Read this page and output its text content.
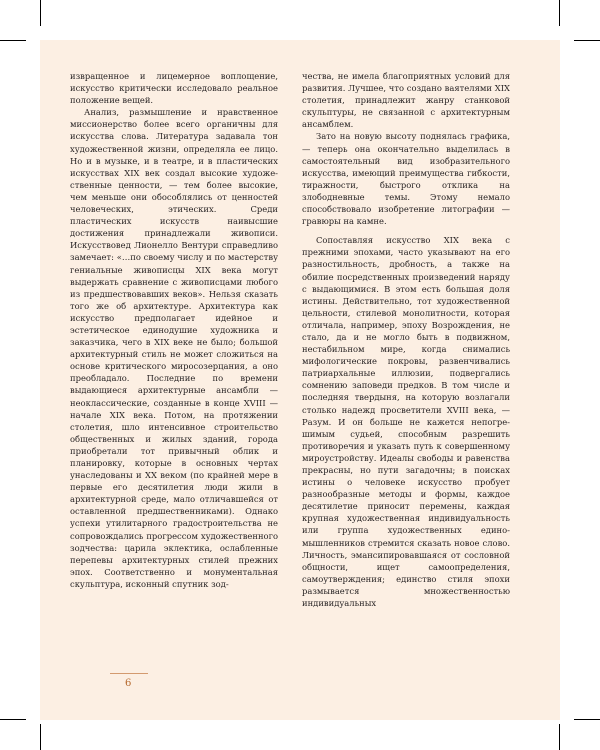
извращенное и лицемерное воплощение, искусство критически исследовало реальное положение вещей.

Анализ, размышление и нравственное миссионерство более всего органичны для искусства слова. Литература задавала тон художественной жизни, определяла ее лицо. Но и в музыке, и в театре, и в пластических искусствах XIX век создал высокие художественные ценности, — тем более высокие, чем меньше они обособлялись от ценностей человеческих, этических. Среди пластических искусств наивысшие достижения принадлежали живописи. Искусствовед Лионелло Вентури справедливо замечает: «…по своему числу и по мастерству гениальные живописцы XIX века могут выдержать сравнение с живописцами любого из предшествовавших веков». Нельзя сказать того же об архитектуре. Архитектура как искусство предполагает идейное и эстетическое единодушие художника и заказчика, чего в XIX веке не было; большой архитектурный стиль не может сложиться на основе критического миросозерцания, а оно преобладало. Последние по времени выдающиеся архитектурные ансамбли — неоклассические, созданные в конце XVIII — начале XIX века. Потом, на протяжении столетия, шло интенсивное строительство общественных и жилых зданий, города приобретали тот привычный облик и планировку, которые в основных чертах унаследованы и XX веком (по крайней мере в первые его десятилетия люди жили в архитектурной среде, мало отличавшейся от оставленной предшественниками). Однако успехи утилитарного градостроительства не сопровождались прогрессом художественного зодчества: царила эклектика, ослабленные перепевы архитектурных стилей прежних эпох. Соответственно и монументальная скульптура, исконный спутник зод-

чества, не имела благоприятных условий для развития. Лучшее, что создано ваятелями XIX столетия, принадлежит жанру станковой скульптуры, не связанной с архитектурным ансамблем.

Зато на новую высоту поднялась графика, — теперь она окончательно выделилась в самостоятельный вид изобразительного искусства, имеющий преимущества гибкости, тиражности, быстрого отклика на злободневные темы. Этому немало способствовало изобретение литографии — гравюры на камне.

Сопоставляя искусство XIX века с прежними эпохами, часто указывают на его разностильность, дробность, а также на обилие посредственных произведений наряду с выдающимися. В этом есть большая доля истины. Действительно, тот художественной цельности, стилевой монолитности, которая отличала, например, эпоху Возрождения, не стало, да и не могло быть в подвижном, нестабильном мире, когда снимались мифологические покровы, развенчивались патриархальные иллюзии, подвергались сомнению заповеди предков. В том числе и последняя твердыня, на которую возлагали столько надежд просветители XVIII века, — Разум. И он больше не кажется непогрешимым судьей, способным разрешить противоречия и указать путь к совершенному мироустройству. Идеалы свободы и равенства прекрасны, но пути загадочны; в поисках истины о человеке искусство пробует разнообразные методы и формы, каждое десятилетие приносит перемены, каждая крупная художественная индивидуальность или группа художественных единомышленников стремится сказать новое слово. Личность, эмансипировавшаяся от сословной общности, ищет самоопределения, самоутверждения; единство стиля эпохи размывается множественностью индивидуальных

6
